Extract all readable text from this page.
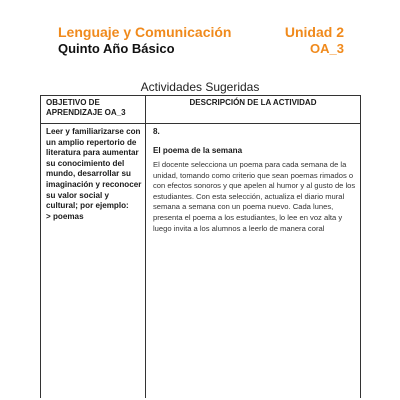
Lenguaje y Comunicación
Quinto Año Básico
Unidad 2
OA_3
Actividades Sugeridas
OBJETIVO DE APRENDIZAJE OA_3
DESCRIPCIÓN DE LA ACTIVIDAD
Leer y familiarizarse con un amplio repertorio de literatura para aumentar su conocimiento del mundo, desarrollar su imaginación y reconocer su valor social y cultural; por ejemplo:
> poemas
8.
El poema de la semana
El docente selecciona un poema para cada semana de la unidad, tomando como criterio que sean poemas rimados o con efectos sonoros y que apelen al humor y al gusto de los estudiantes. Con esta selección, actualiza el diario mural semana a semana con un poema nuevo. Cada lunes, presenta el poema a los estudiantes, lo lee en voz alta y luego invita a los alumnos a leerlo de manera coral
